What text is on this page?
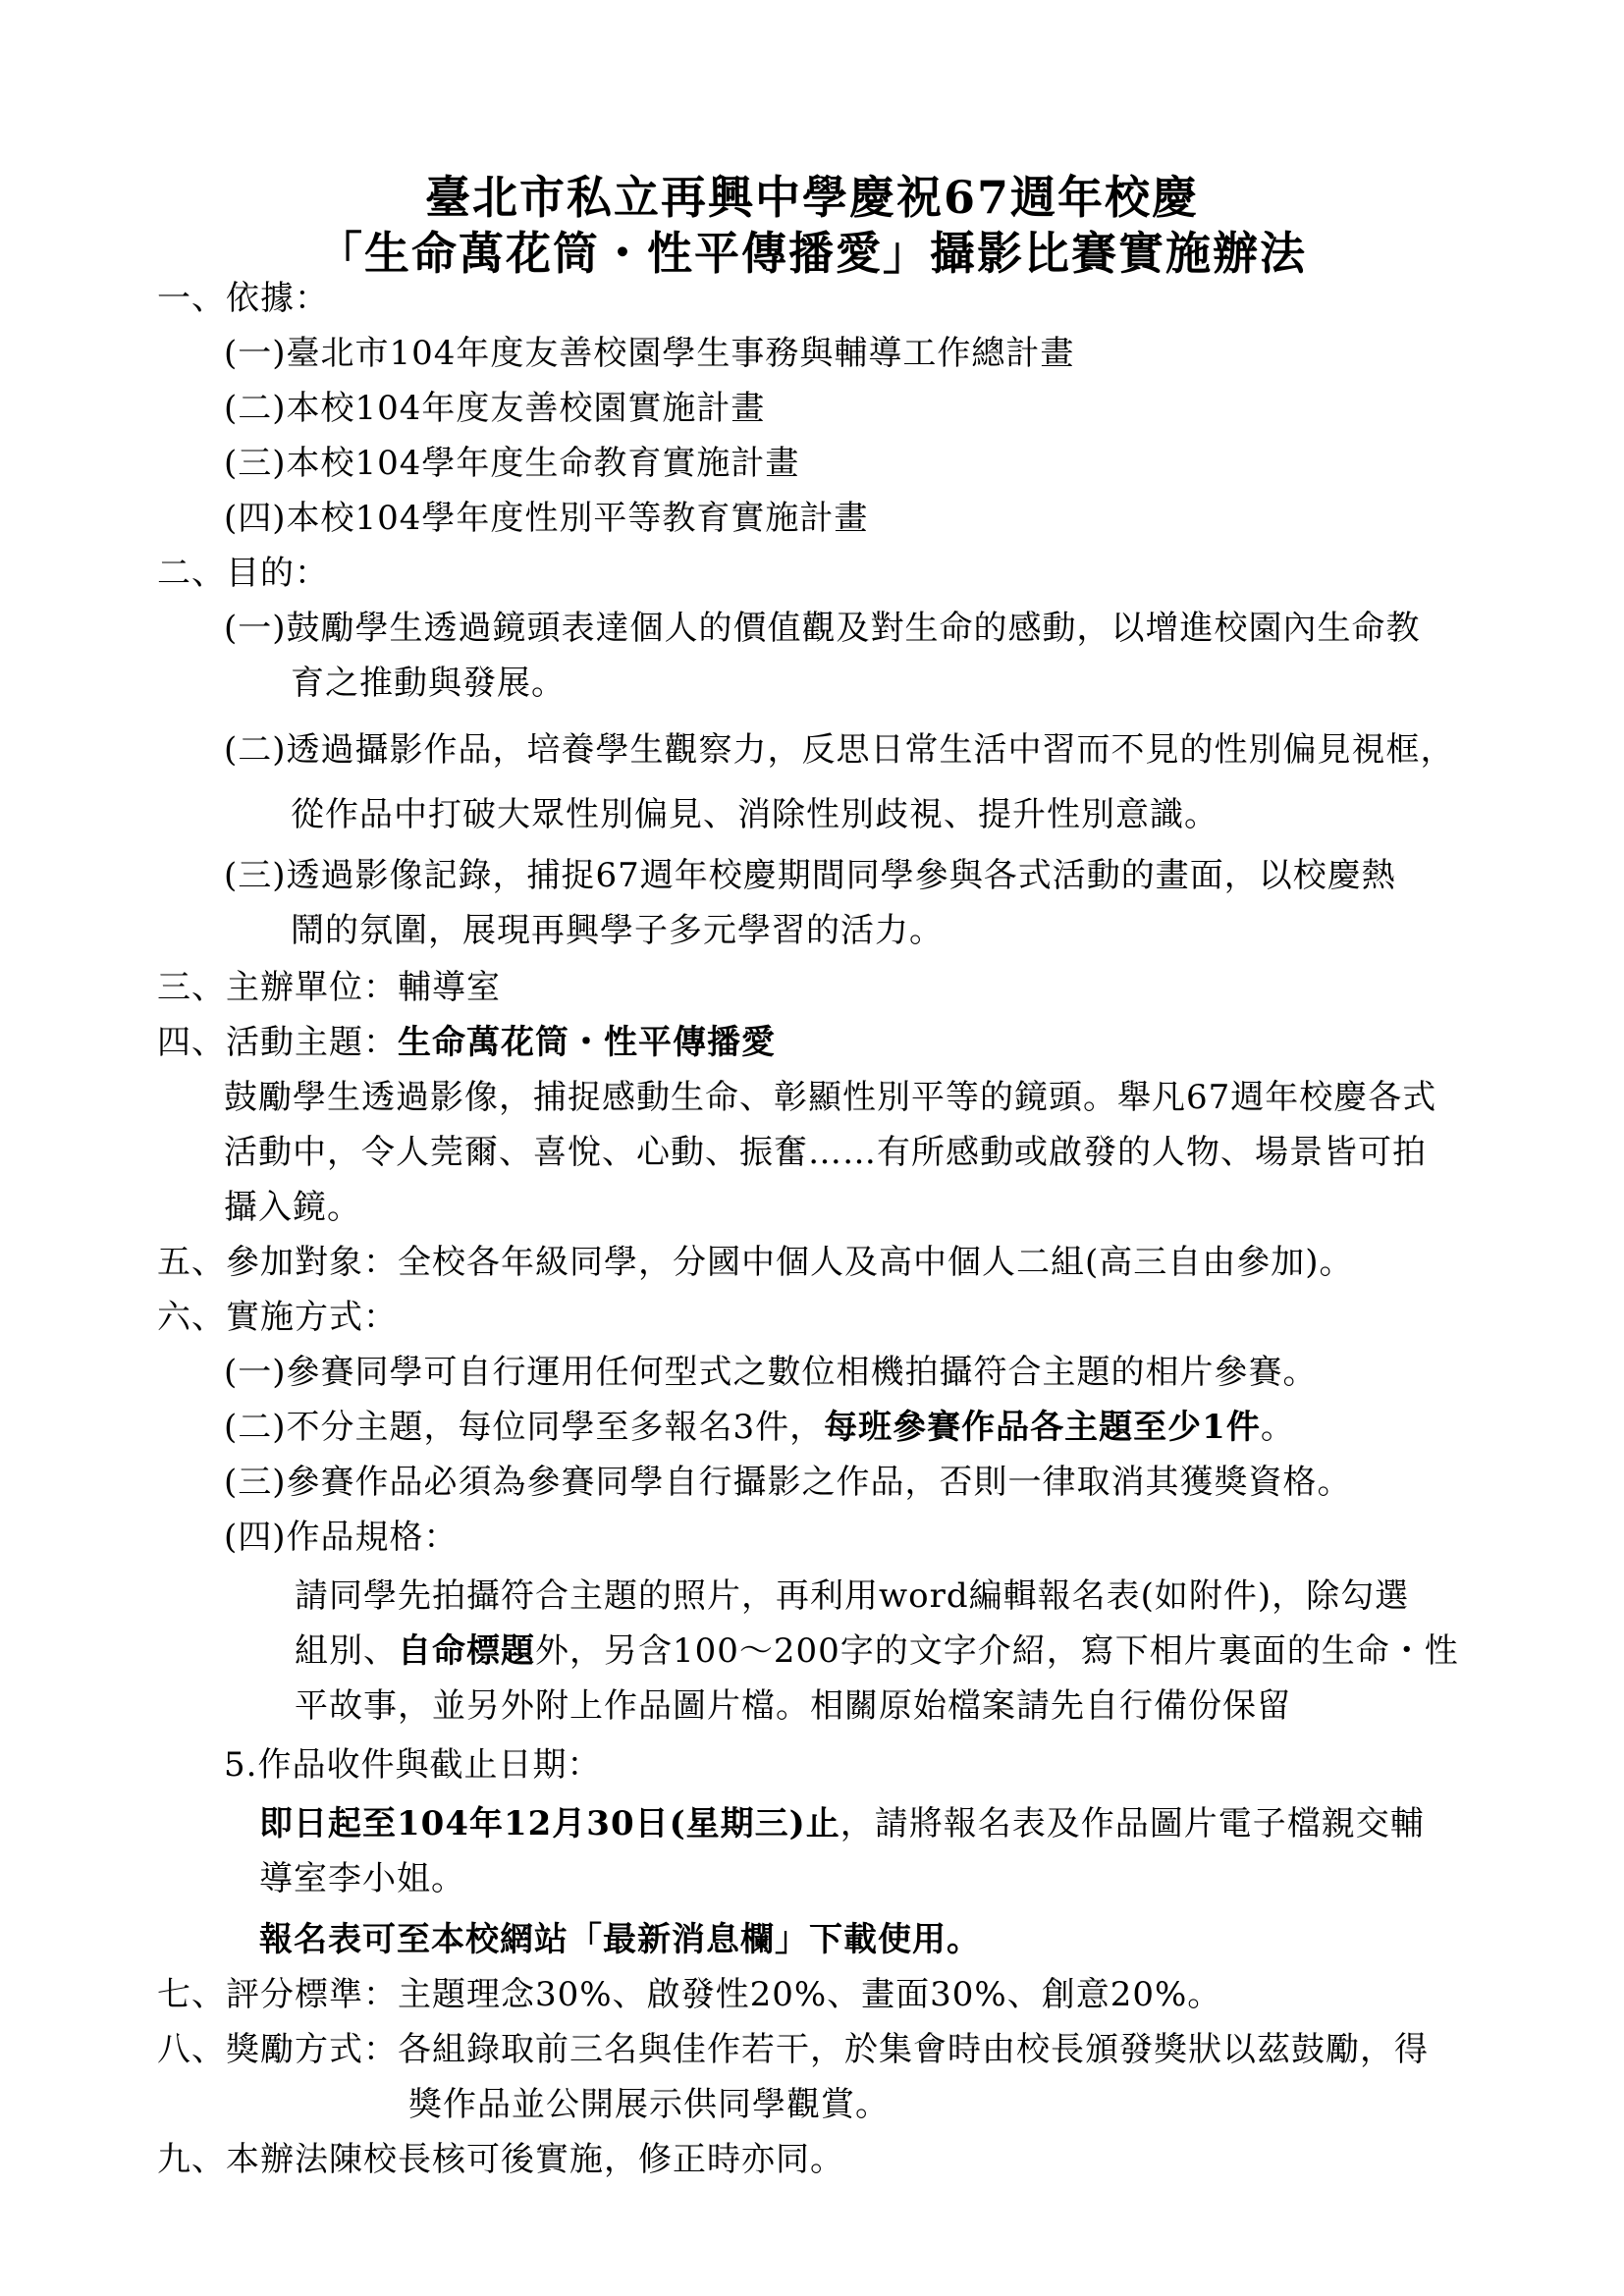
臺北市私立再興中學慶祝67週年校慶
「生命萬花筒・性平傳播愛」攝影比賽實施辦法
一、依據：
(一)臺北市104年度友善校園學生事務與輔導工作總計畫
(二)本校104年度友善校園實施計畫
(三)本校104學年度生命教育實施計畫
(四)本校104學年度性別平等教育實施計畫
二、目的：
(一)鼓勵學生透過鏡頭表達個人的價值觀及對生命的感動，以增進校園內生命教
育之推動與發展。
(二)透過攝影作品，培養學生觀察力，反思日常生活中習而不見的性別偏見視框，
從作品中打破大眾性別偏見、消除性別歧視、提升性別意識。
(三)透過影像記錄，捕捉67週年校慶期間同學參與各式活動的畫面，以校慶熱
鬧的氛圍，展現再興學子多元學習的活力。
三、主辦單位：輔導室
四、活動主題：生命萬花筒・性平傳播愛
鼓勵學生透過影像，捕捉感動生命、彰顯性別平等的鏡頭。舉凡67週年校慶各式
活動中，令人莞爾、喜悅、心動、振奮……有所感動或啟發的人物、場景皆可拍
攝入鏡。
五、參加對象：全校各年級同學，分國中個人及高中個人二組(高三自由參加)。
六、實施方式：
(一)參賽同學可自行運用任何型式之數位相機拍攝符合主題的相片參賽。
(二)不分主題，每位同學至多報名3件，每班參賽作品各主題至少1件。
(三)參賽作品必須為參賽同學自行攝影之作品，否則一律取消其獲獎資格。
(四)作品規格：
請同學先拍攝符合主題的照片，再利用word編輯報名表(如附件)，除勾選
組別、自命標題外，另含100～200字的文字介紹，寫下相片裏面的生命・性
平故事，並另外附上作品圖片檔。相關原始檔案請先自行備份保留
5.作品收件與截止日期：
即日起至104年12月30日(星期三)止，請將報名表及作品圖片電子檔親交輔
導室李小姐。
報名表可至本校網站「最新消息欄」下載使用。
七、評分標準：主題理念30%、啟發性20%、畫面30%、創意20%。
八、獎勵方式：各組錄取前三名與佳作若干，於集會時由校長頒發獎狀以茲鼓勵，得
獎作品並公開展示供同學觀賞。
九、本辦法陳校長核可後實施，修正時亦同。
